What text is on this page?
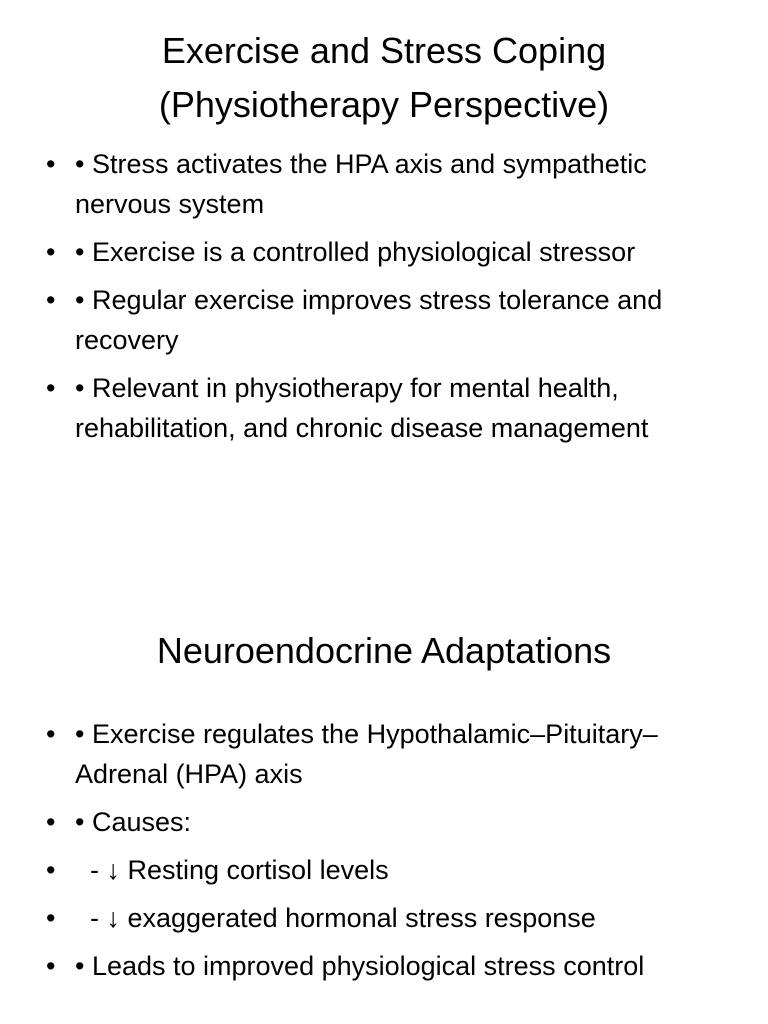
Exercise and Stress Coping
(Physiotherapy Perspective)
• • Stress activates the HPA axis and sympathetic nervous system
• • Exercise is a controlled physiological stressor
• • Regular exercise improves stress tolerance and recovery
• • Relevant in physiotherapy for mental health, rehabilitation, and chronic disease management
Neuroendocrine Adaptations
• • Exercise regulates the Hypothalamic–Pituitary–Adrenal (HPA) axis
• • Causes:
• - ↓ Resting cortisol levels
• - ↓ exaggerated hormonal stress response
• • Leads to improved physiological stress control
